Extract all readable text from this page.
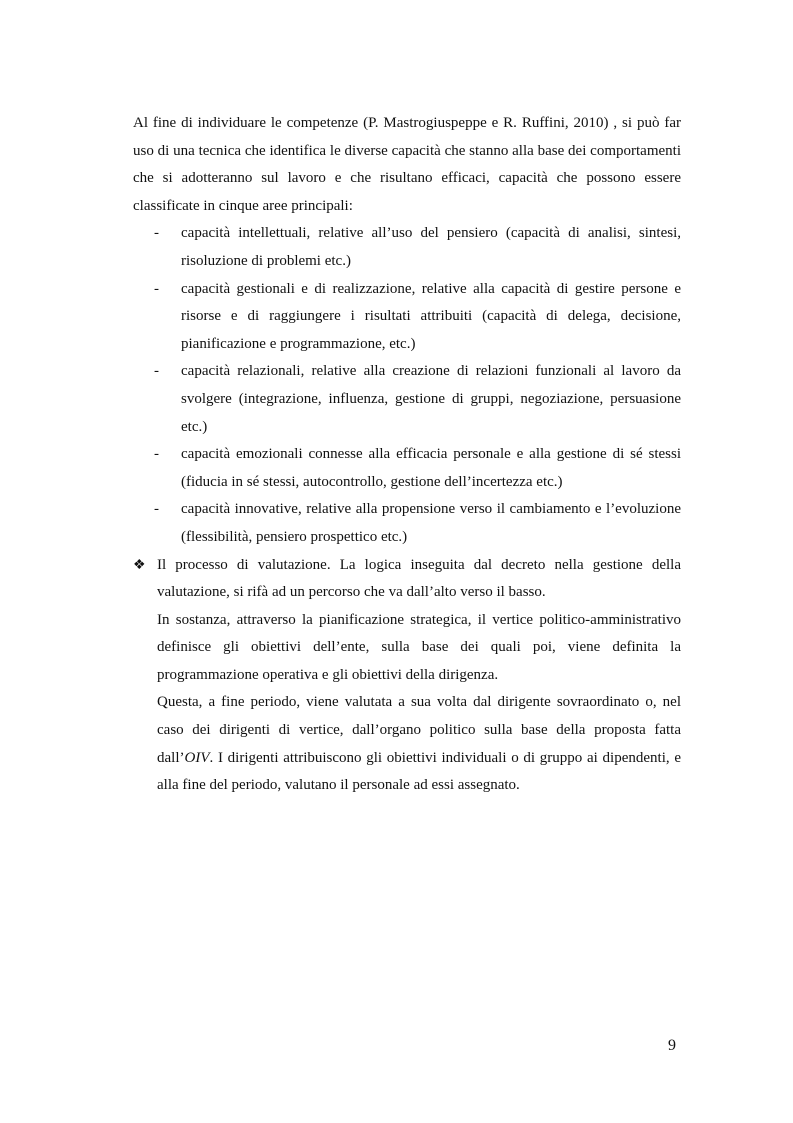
Al fine di individuare le competenze (P. Mastrogiuspeppe e R. Ruffini, 2010) , si può far uso di una tecnica che identifica le diverse capacità che stanno alla base dei comportamenti che si adotteranno sul lavoro e che risultano efficaci, capacità che possono essere classificate in cinque aree principali:

- capacità intellettuali, relative all’uso del pensiero (capacità di analisi, sintesi, risoluzione di problemi etc.)
- capacità gestionali e di realizzazione, relative alla capacità di gestire persone e risorse e di raggiungere i risultati attribuiti (capacità di delega, decisione, pianificazione e programmazione, etc.)
- capacità relazionali, relative alla creazione di relazioni funzionali al lavoro da svolgere (integrazione, influenza, gestione di gruppi, negoziazione, persuasione etc.)
- capacità emozionali connesse alla efficacia personale e alla gestione di sé stessi (fiducia in sé stessi, autocontrollo, gestione dell’incertezza etc.)
- capacità innovative, relative alla propensione verso il cambiamento e l’evoluzione (flessibilità, pensiero prospettico etc.)
❖ Il processo di valutazione. La logica inseguita dal decreto nella gestione della valutazione, si rifà ad un percorso che va dall’alto verso il basso.

In sostanza, attraverso la pianificazione strategica, il vertice politico-amministrativo definisce gli obiettivi dell’ente, sulla base dei quali poi, viene definita la programmazione operativa e gli obiettivi della dirigenza.

Questa, a fine periodo, viene valutata a sua volta dal dirigente sovraordinato o, nel caso dei dirigenti di vertice, dall’organo politico sulla base della proposta fatta dall’OIV. I dirigenti attribuiscono gli obiettivi individuali o di gruppo ai dipendenti, e alla fine del periodo, valutano il personale ad essi assegnato.

9
